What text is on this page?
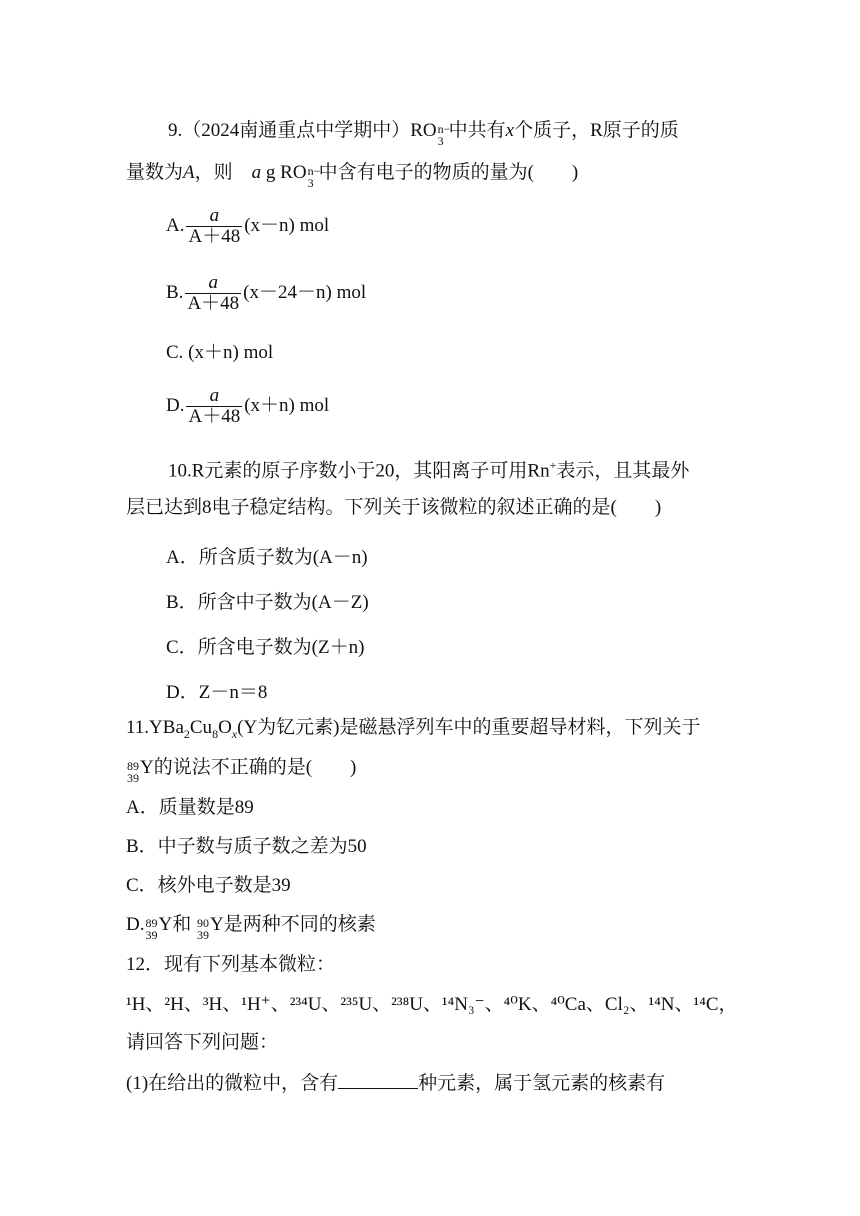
9.（2024南通重点中学期中）RO n−
3 中共有x个质子，R原子的质
量数为A，则　 a g RO n−
3 中含有电子的物质的量为(　　)
A. $\frac{a}{A+48} (x-n)$ mol
B. $\frac{a}{A+48} (x-24-n)$ mol
C. (x＋n) mol
D. $\frac{a}{A+48} (x+n)$ mol
10.R元素的原子序数小于20，其阳离子可用Rn+表示，且其最外
层已达到8电子稳定结构。下列关于该微粒的叙述正确的是(　　)
A．所含质子数为(A－n)
B．所含中子数为(A－Z)
C．所含电子数为(Z＋n)
D．Z－n＝8
$11.YBa_2Cu_8O_x(Y$为钇元素)是磁悬浮列车中的重要超导材料，下列关于
89
39 Y的说法不正确的是(　　)
A．质量数是89
B．中子数与质子数之差为50
C．核外电子数是39
D. 89
39 Y和 90
39 Y是两种不同的核素
12．现有下列基本微粒：
¹H、²H、³H、¹H⁺、²³⁴U、²³⁵U、²³⁸U、¹⁴N₃⁻、⁴⁰K、⁴⁰Ca、Cl₂、¹⁴N、¹⁴C，
请回答下列问题：
(1)在给出的微粒中，含有	种元素，属于氢元素的核素有
